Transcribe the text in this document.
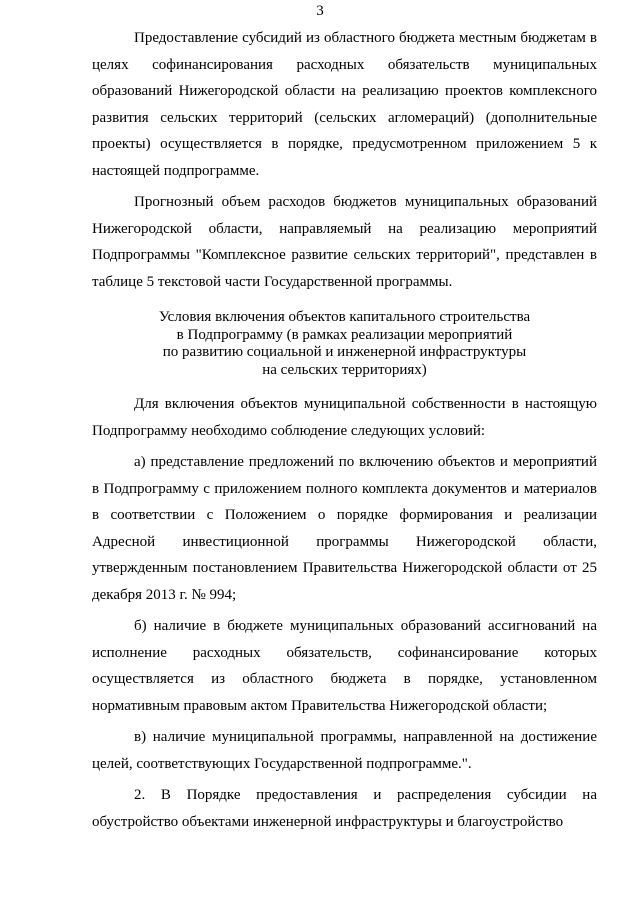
3

Предоставление субсидий из областного бюджета местным бюджетам в целях софинансирования расходных обязательств муниципальных образований Нижегородской области на реализацию проектов комплексного развития сельских территорий (сельских агломераций) (дополнительные проекты) осуществляется в порядке, предусмотренном приложением 5 к настоящей подпрограмме.

Прогнозный объем расходов бюджетов муниципальных образований Нижегородской области, направляемый на реализацию мероприятий Подпрограммы "Комплексное развитие сельских территорий", представлен в таблице 5 текстовой части Государственной программы.

Условия включения объектов капитального строительства
в Подпрограмму (в рамках реализации мероприятий
по развитию социальной и инженерной инфраструктуры
на сельских территориях)

Для включения объектов муниципальной собственности в настоящую Подпрограмму необходимо соблюдение следующих условий:

а) представление предложений по включению объектов и мероприятий в Подпрограмму с приложением полного комплекта документов и материалов в соответствии с Положением о порядке формирования и реализации Адресной инвестиционной программы Нижегородской области, утвержденным постановлением Правительства Нижегородской области от 25 декабря 2013 г. № 994;

б) наличие в бюджете муниципальных образований ассигнований на исполнение расходных обязательств, софинансирование которых осуществляется из областного бюджета в порядке, установленном нормативным правовым актом Правительства Нижегородской области;

в) наличие муниципальной программы, направленной на достижение целей, соответствующих Государственной подпрограмме.".

2. В Порядке предоставления и распределения субсидии на обустройство объектами инженерной инфраструктуры и благоустройство
